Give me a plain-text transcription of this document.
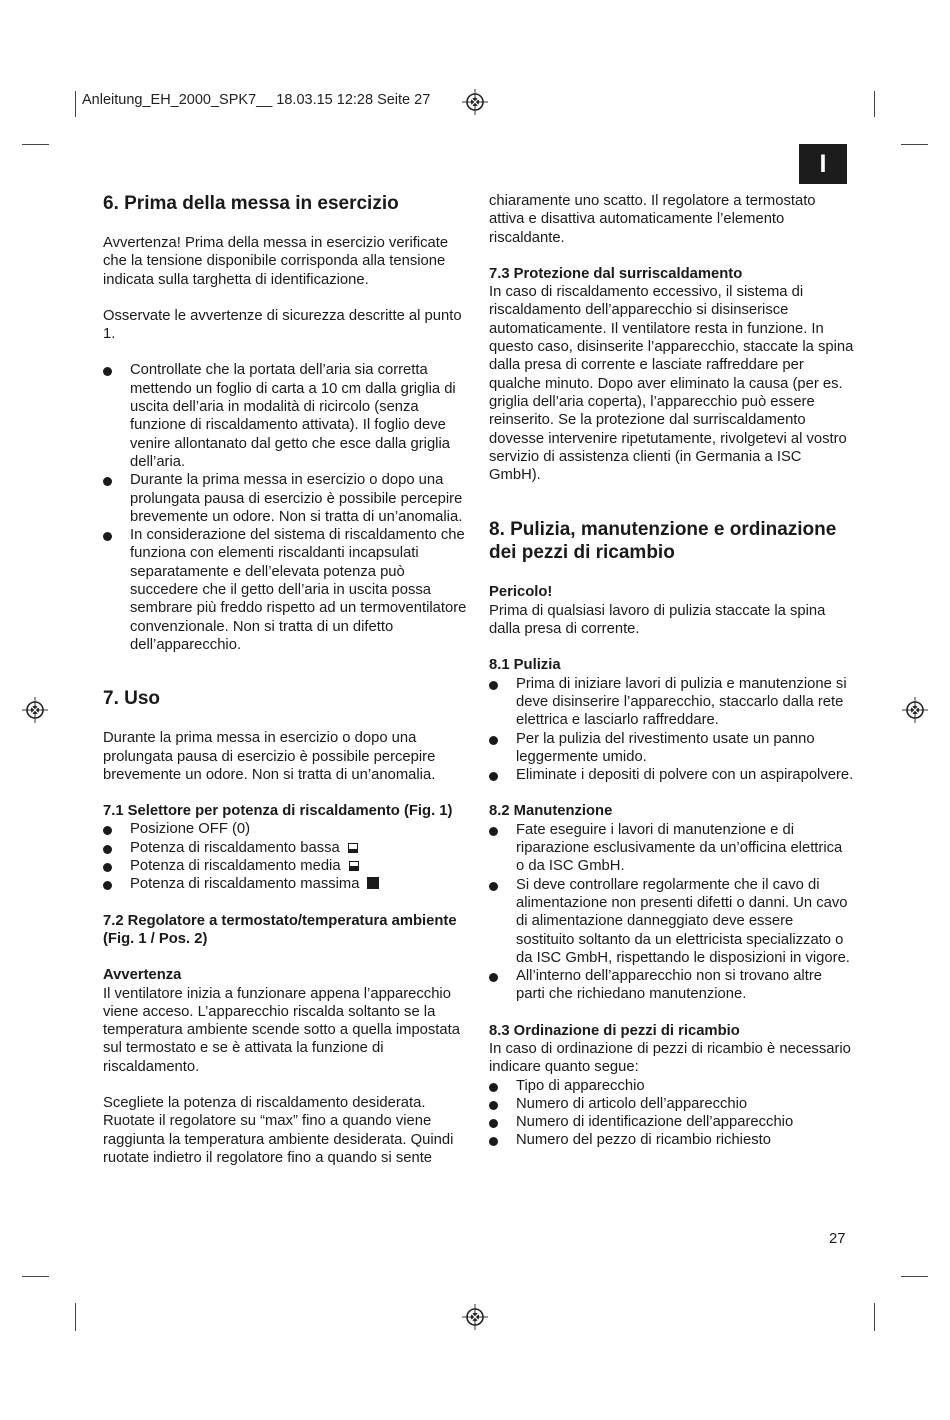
Anleitung_EH_2000_SPK7__ 18.03.15 12:28 Seite 27
I
6. Prima della messa in esercizio

Avvertenza! Prima della messa in esercizio verificate che la tensione disponibile corrisponda alla tensione indicata sulla targhetta di identificazione.

Osservate le avvertenze di sicurezza descritte al punto 1.

Controllate che la portata dell’aria sia corretta mettendo un foglio di carta a 10 cm dalla griglia di uscita dell’aria in modalità di ricircolo (senza funzione di riscaldamento attivata). Il foglio deve venire allontanato dal getto che esce dalla griglia dell’aria.
Durante la prima messa in esercizio o dopo una prolungata pausa di esercizio è possibile percepire brevemente un odore. Non si tratta di un’anomalia.
In considerazione del sistema di riscaldamento che funziona con elementi riscaldanti incapsulati separatamente e dell’elevata potenza può succedere che il getto dell’aria in uscita possa sembrare più freddo rispetto ad un termoventilatore convenzionale. Non si tratta di un difetto dell’apparecchio.
7. Uso

Durante la prima messa in esercizio o dopo una prolungata pausa di esercizio è possibile percepire brevemente un odore. Non si tratta di un’anomalia.

7.1 Selettore per potenza di riscaldamento (Fig. 1)
Posizione OFF (0)
Potenza di riscaldamento bassa
Potenza di riscaldamento media
Potenza di riscaldamento massima
7.2 Regolatore a termostato/temperatura ambiente (Fig. 1 / Pos. 2)
Avvertenza

Il ventilatore inizia a funzionare appena l’apparecchio viene acceso. L’apparecchio riscalda soltanto se la temperatura ambiente scende sotto a quella impostata sul termostato e se è attivata la funzione di riscaldamento.

Scegliete la potenza di riscaldamento desiderata. Ruotate il regolatore su “max” fino a quando viene raggiunta la temperatura ambiente desiderata. Quindi ruotate indietro il regolatore fino a quando si sente

chiaramente uno scatto. Il regolatore a termostato attiva e disattiva automaticamente l’elemento riscaldante.

7.3 Protezione dal surriscaldamento

In caso di riscaldamento eccessivo, il sistema di riscaldamento dell’apparecchio si disinserisce automaticamente. Il ventilatore resta in funzione. In questo caso, disinserite l’apparecchio, staccate la spina dalla presa di corrente e lasciate raffreddare per qualche minuto. Dopo aver eliminato la causa (per es. griglia dell’aria coperta), l’apparecchio può essere reinserito. Se la protezione dal surriscaldamento dovesse intervenire ripetutamente, rivolgetevi al vostro servizio di assistenza clienti (in Germania a ISC GmbH).

8. Pulizia, manutenzione e ordinazione dei pezzi di ricambio
Pericolo!

Prima di qualsiasi lavoro di pulizia staccate la spina dalla presa di corrente.

8.1 Pulizia
Prima di iniziare lavori di pulizia e manutenzione si deve disinserire l’apparecchio, staccarlo dalla rete elettrica e lasciarlo raffreddare.
Per la pulizia del rivestimento usate un panno leggermente umido.
Eliminate i depositi di polvere con un aspirapolvere.
8.2 Manutenzione
Fate eseguire i lavori di manutenzione e di riparazione esclusivamente da un’officina elettrica o da ISC GmbH.
Si deve controllare regolarmente che il cavo di alimentazione non presenti difetti o danni. Un cavo di alimentazione danneggiato deve essere sostituito soltanto da un elettricista specializzato o da ISC GmbH, rispettando le disposizioni in vigore.
All’interno dell’apparecchio non si trovano altre parti che richiedano manutenzione.
8.3 Ordinazione di pezzi di ricambio

In caso di ordinazione di pezzi di ricambio è necessario indicare quanto segue:

Tipo di apparecchio
Numero di articolo dell’apparecchio
Numero di identificazione dell’apparecchio
Numero del pezzo di ricambio richiesto
27
